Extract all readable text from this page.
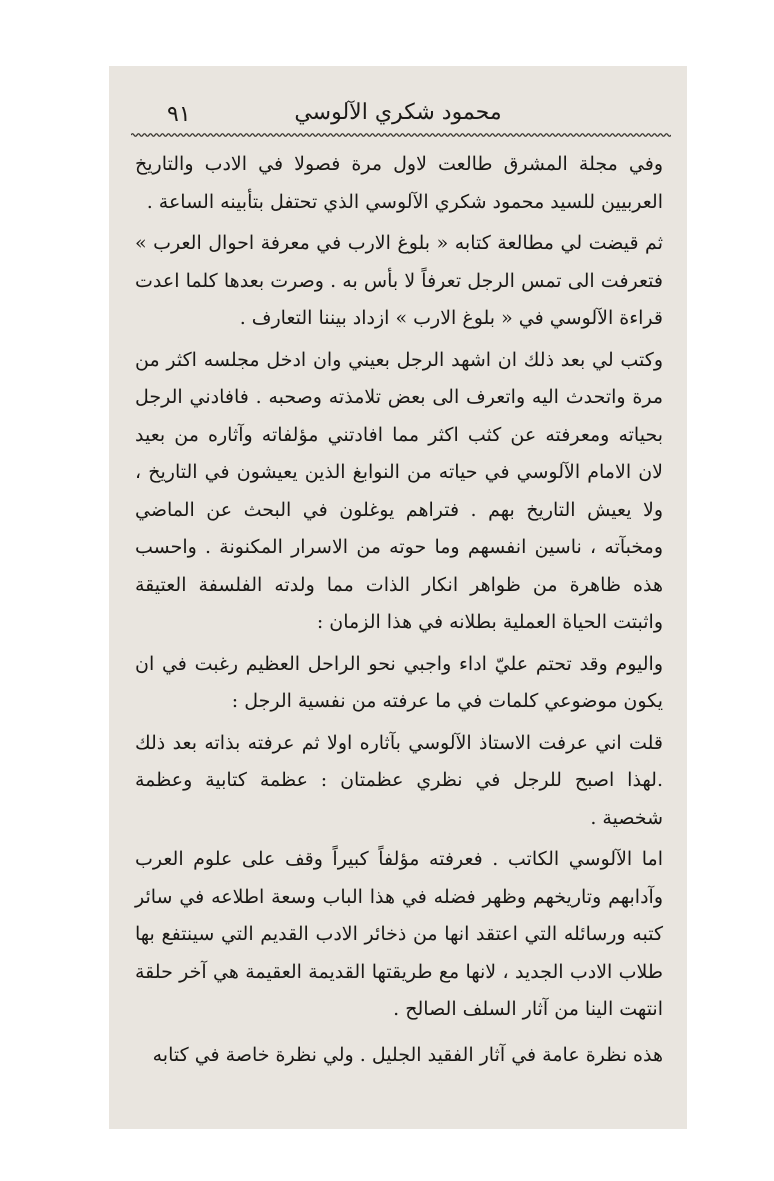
٩١	محمود شكري الآلوسي

وفي مجلة المشرق طالعت لاول مرة فصولا في الادب والتاريخ العربيين للسيد محمود شكري الآلوسي الذي تحتفل بتأبينه الساعة .

ثم قيضت لي مطالعة كتابه « بلوغ الارب في معرفة احوال العرب » فتعرفت الى تمس الرجل تعرفاً لا بأس به . وصرت بعدها كلما اعدت قراءة الآلوسي في « بلوغ الارب » ازداد بيننا التعارف .

وكتب لي بعد ذلك ان اشهد الرجل بعيني وان ادخل مجلسه اكثر من مرة واتحدث اليه واتعرف الى بعض تلامذته وصحبه . فافادني الرجل بحياته ومعرفته عن كثب اكثر مما افادتني مؤلفاته وآثاره من بعيد لان الامام الآلوسي في حياته من النوابغ الذين يعيشون في التاريخ ، ولا يعيش التاريخ بهم . فتراهم يوغلون في البحث عن الماضي ومخبآته ، ناسين انفسهم وما حوته من الاسرار المكنونة . واحسب هذه ظاهرة من ظواهر انكار الذات مما ولدته الفلسفة العتيقة واثبتت الحياة العملية بطلانه في هذا الزمان :

واليوم وقد تحتم عليّ اداء واجبي نحو الراحل العظيم رغبت في ان يكون موضوعي كلمات في ما عرفته من نفسية الرجل :

قلت اني عرفت الاستاذ الآلوسي بآثاره اولا ثم عرفته بذاته بعد ذلك .لهذا اصبح للرجل في نظري عظمتان : عظمة كتابية وعظمة شخصية .

اما الآلوسي الكاتب . فعرفته مؤلفاً كبيراً وقف على علوم العرب وآدابهم وتاريخهم وظهر فضله في هذا الباب وسعة اطلاعه في سائر كتبه ورسائله التي اعتقد انها من ذخائر الادب القديم التي سينتفع بها طلاب الادب الجديد ، لانها مع طريقتها القديمة العقيمة هي آخر حلقة انتهت الينا من آثار السلف الصالح .

هذه نظرة عامة في آثار الفقيد الجليل . ولي نظرة خاصة في كتابه
